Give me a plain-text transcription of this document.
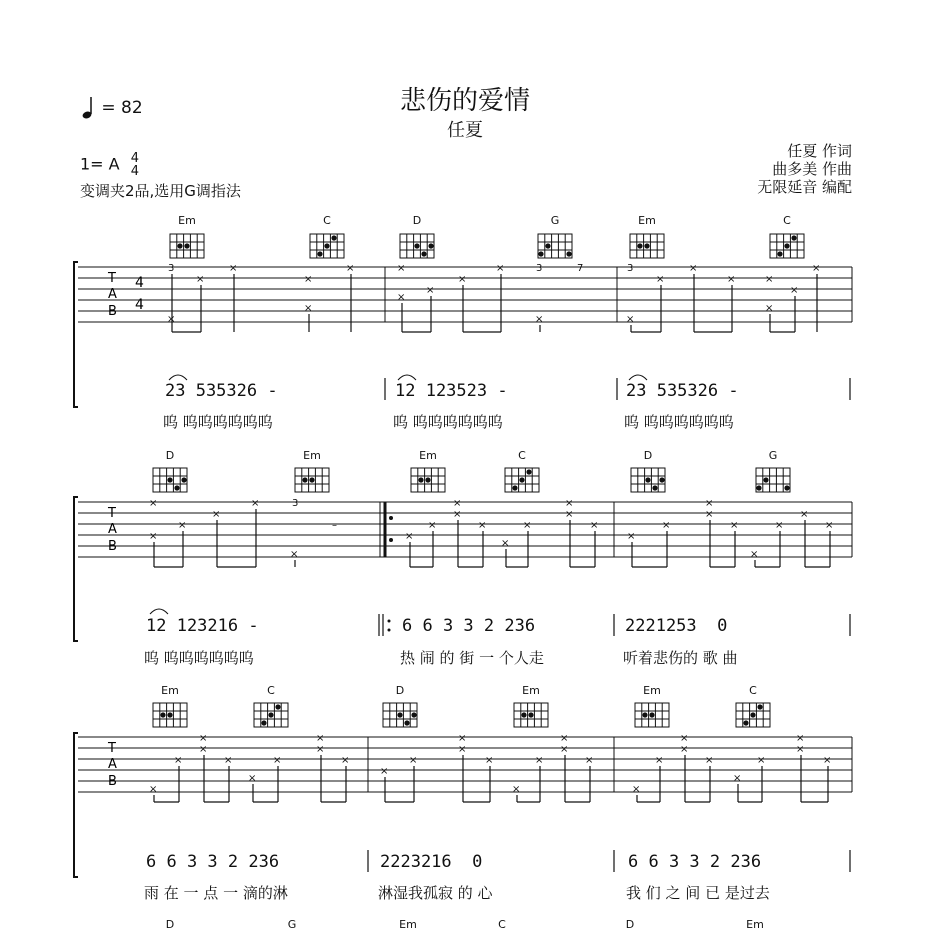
悲伤的爱情
任夏
= 82
1= A 4
4
变调夹2品,选用G调指法
任夏 作词
曲多美 作曲
无限延音 编配
Em	C	D	G	Em	C
T
A
B
4
4
3
×
×
×
×
×
×	×
×
×
×
×	3
×
7	3
×
×
×
×
×
×
×
×
23 535326 -	12 123523 -	23 535326 -
呜 呜呜呜呜呜呜	呜 呜呜呜呜呜呜	呜 呜呜呜呜呜呜
D	Em	Em	C	D	G
T
A
B
×
×
×
×
×	3
×
–
×
×
×
×
×
×
×
×
×
×
×
×
×
×
×
×
×
×
×
12 123216 -	6 6 3 3 2 236	2221253  0
呜 呜呜呜呜呜呜	热 闹 的 街 一 个人走	听着悲伤的 歌 曲
Em	C	D	Em	Em	C
T
A
B
×
×
×
×
×
×
×
×
×
×
×
×
×
×
×
×
×
×
×
×
×
×
×
×
×
×
×
×
×
×
6 6 3 3 2 236	2223216  0	6 6 3 3 2 236
雨 在 一 点 一 滴的淋	淋湿我孤寂 的 心	我 们 之 间 已 是过去
D	G	Em	C	D	Em
